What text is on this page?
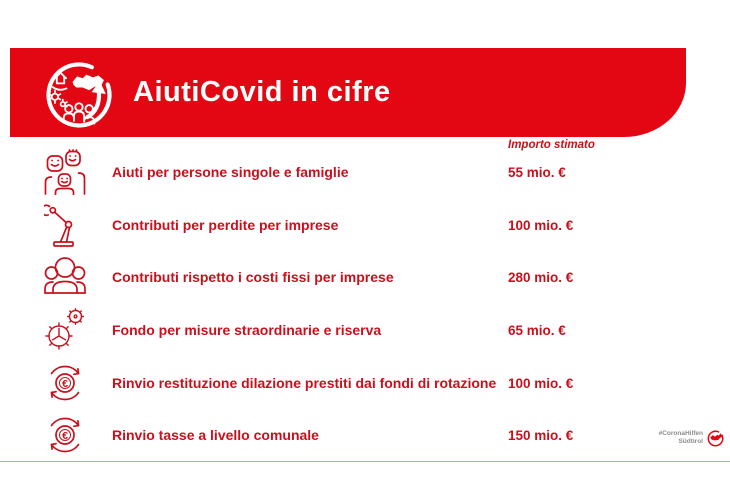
AiutiCovid in cifre
Importo stimato
Aiuti per persone singole e famiglie	55 mio. €
Contributi per perdite per imprese	100 mio. €
Contributi rispetto i costi fissi per imprese	280 mio. €
Fondo per misure straordinarie e riserva	65 mio. €
€	Rinvio restituzione dilazione prestiti dai fondi di rotazione 100 mio. €
€	Rinvio tasse a livello comunale	150 mio. €	#CoronaHilfen
Südtirol
